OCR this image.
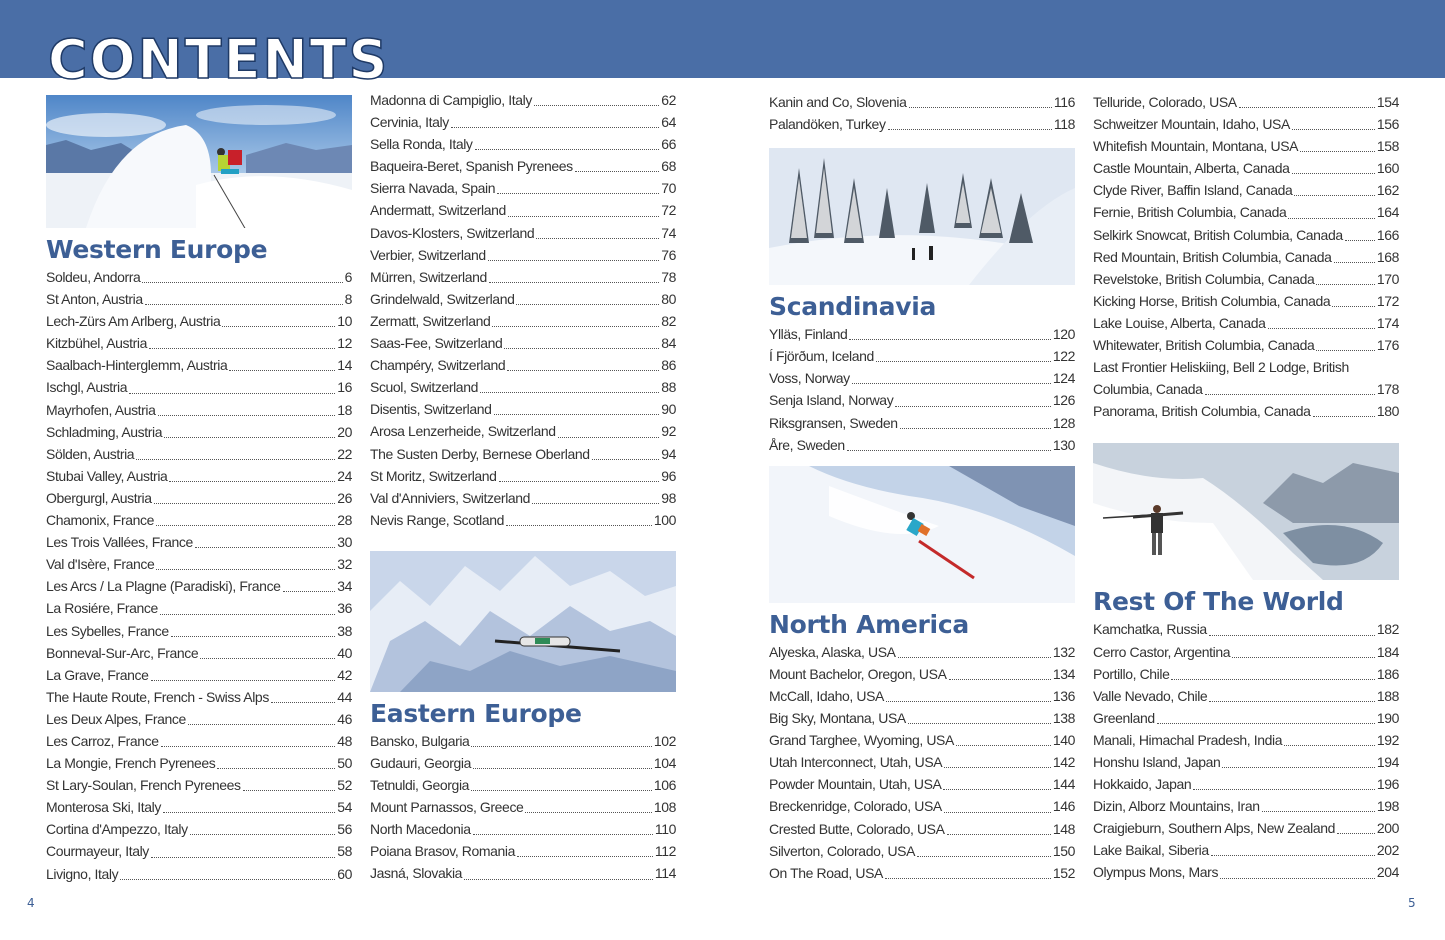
CONTENTS
Western Europe
Soldeu, Andorra	6
St Anton, Austria	8
Lech-Zürs Am Arlberg, Austria	10
Kitzbühel, Austria	12
Saalbach-Hinterglemm, Austria	14
Ischgl, Austria	16
Mayrhofen, Austria	18
Schladming, Austria	20
Sölden, Austria	22
Stubai Valley, Austria	24
Obergurgl, Austria	26
Chamonix, France	28
Les Trois Vallées, France	30
Val d'Isère, France	32
Les Arcs / La Plagne (Paradiski), France	34
La Rosiére, France	36
Les Sybelles, France	38
Bonneval-Sur-Arc, France	40
La Grave, France	42
The Haute Route, French - Swiss Alps	44
Les Deux Alpes, France	46
Les Carroz, France	48
La Mongie, French Pyrenees	50
St Lary-Soulan, French Pyrenees	52
Monterosa Ski, Italy	54
Cortina d'Ampezzo, Italy	56
Courmayeur, Italy	58
Livigno, Italy	60
Madonna di Campiglio, Italy	62
Cervinia, Italy	64
Sella Ronda, Italy	66
Baqueira-Beret, Spanish Pyrenees	68
Sierra Navada, Spain	70
Andermatt, Switzerland	72
Davos-Klosters, Switzerland	74
Verbier, Switzerland	76
Mürren, Switzerland	78
Grindelwald, Switzerland	80
Zermatt, Switzerland	82
Saas-Fee, Switzerland	84
Champéry, Switzerland	86
Scuol, Switzerland	88
Disentis, Switzerland	90
Arosa Lenzerheide, Switzerland	92
The Susten Derby, Bernese Oberland	94
St Moritz, Switzerland	96
Val d'Anniviers, Switzerland	98
Nevis Range, Scotland	100
Eastern Europe
Bansko, Bulgaria	102
Gudauri, Georgia	104
Tetnuldi, Georgia	106
Mount Parnassos, Greece	108
North Macedonia	110
Poiana Brasov, Romania	112
Jasná, Slovakia	114
Kanin and Co, Slovenia	116
Palandöken, Turkey	118
Scandinavia
Ylläs, Finland	120
Í Fjörðum, Iceland	122
Voss, Norway	124
Senja Island, Norway	126
Riksgransen, Sweden	128
Åre, Sweden	130
North America
Alyeska, Alaska, USA	132
Mount Bachelor, Oregon, USA	134
McCall, Idaho, USA	136
Big Sky, Montana, USA	138
Grand Targhee, Wyoming, USA	140
Utah Interconnect, Utah, USA	142
Powder Mountain, Utah, USA	144
Breckenridge, Colorado, USA	146
Crested Butte, Colorado, USA	148
Silverton, Colorado, USA	150
On The Road, USA	152
Telluride, Colorado, USA	154
Schweitzer Mountain, Idaho, USA	156
Whitefish Mountain, Montana, USA	158
Castle Mountain, Alberta, Canada	160
Clyde River, Baffin Island, Canada	162
Fernie, British Columbia, Canada	164
Selkirk Snowcat, British Columbia, Canada 166
Red Mountain, British Columbia, Canada	168
Revelstoke, British Columbia, Canada	170
Kicking Horse, British Columbia, Canada	172
Lake Louise, Alberta, Canada	174
Whitewater, British Columbia, Canada	176
Last Frontier Heliskiing, Bell 2 Lodge, British
Columbia, Canada	178
Panorama, British Columbia, Canada	180
Rest Of The World
Kamchatka, Russia	182
Cerro Castor, Argentina	184
Portillo, Chile	186
Valle Nevado, Chile	188
Greenland	190
Manali, Himachal Pradesh, India	192
Honshu Island, Japan	194
Hokkaido, Japan	196
Dizin, Alborz Mountains, Iran	198
Craigieburn, Southern Alps, New Zealand	200
Lake Baikal, Siberia	202
Olympus Mons, Mars	204
4	5
